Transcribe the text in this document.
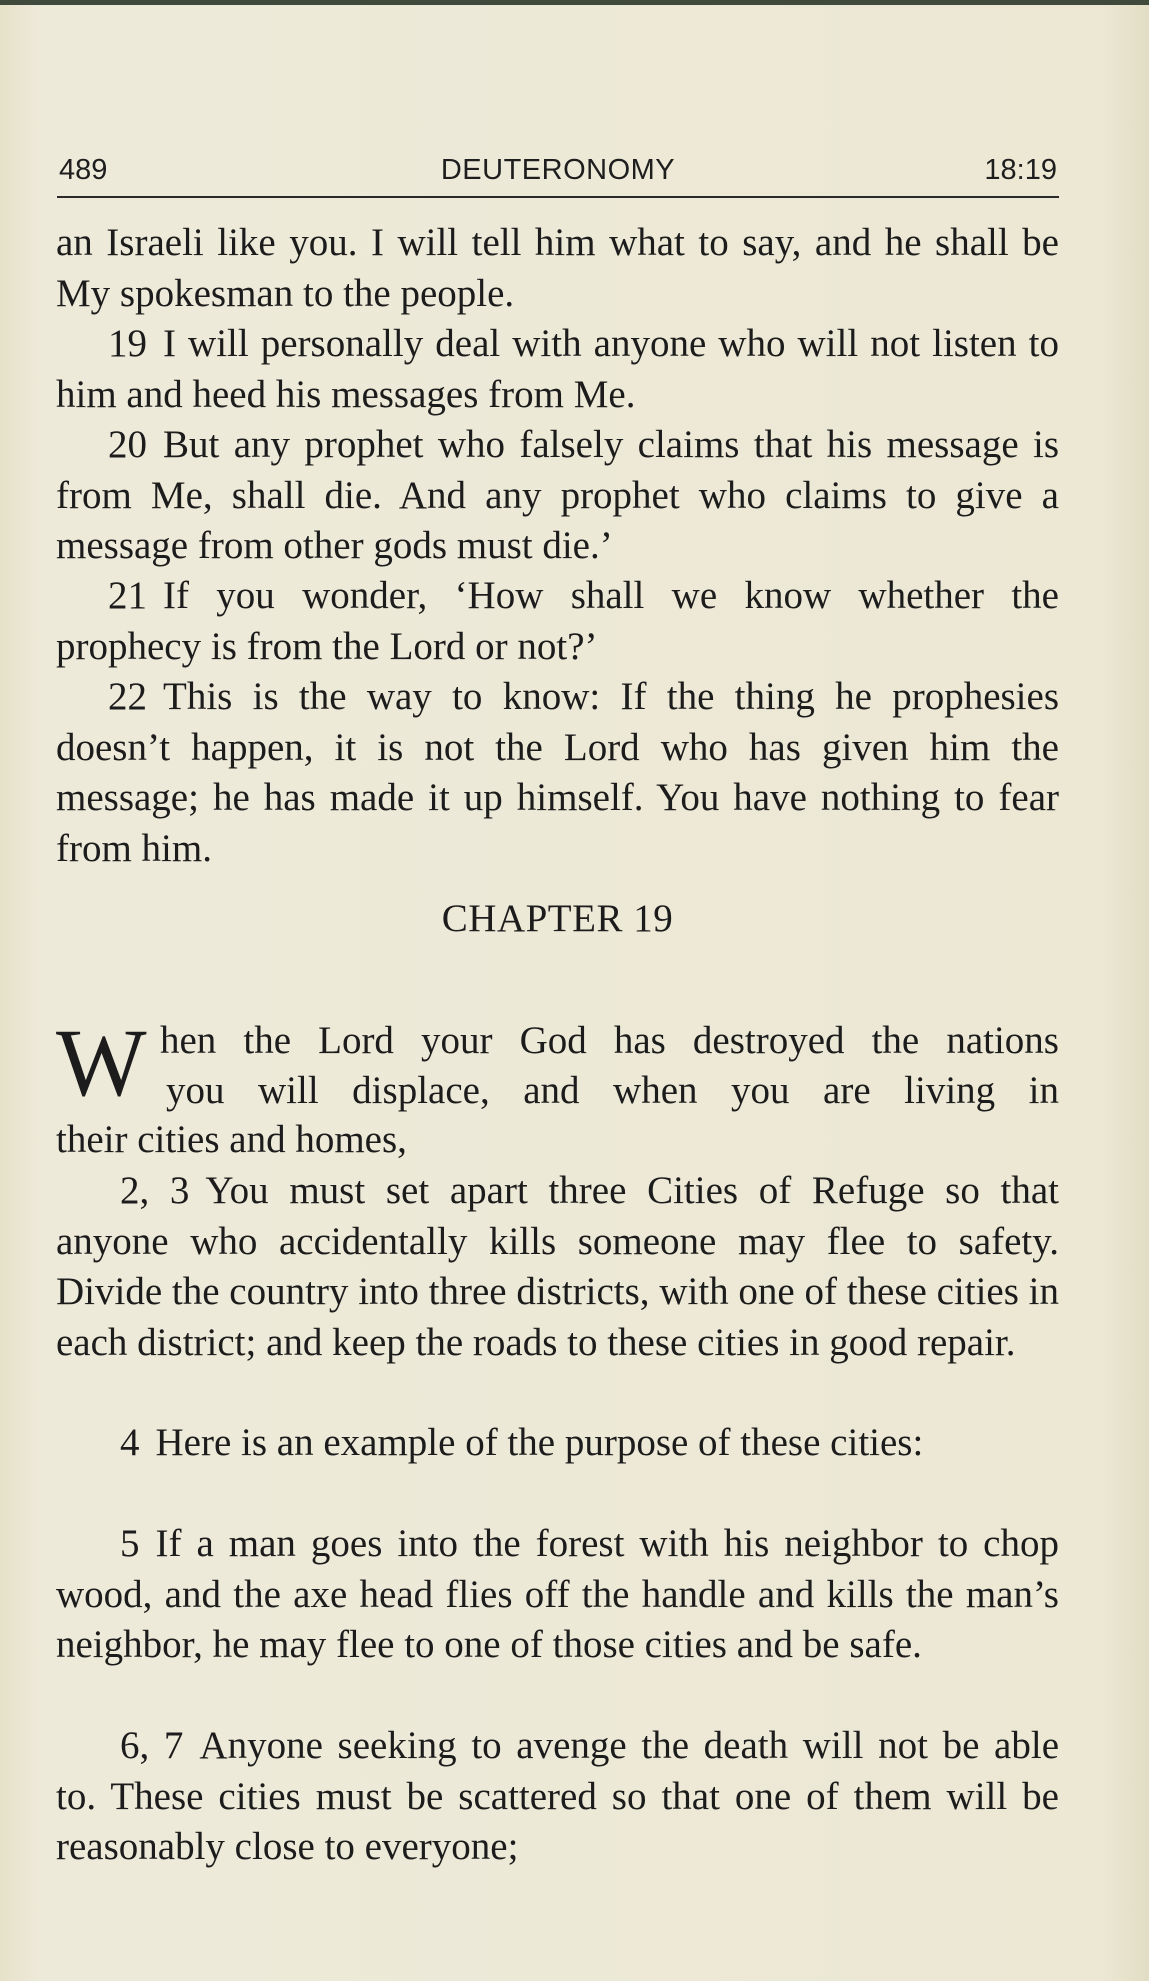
489	DEUTERONOMY	18:19

an Israeli like you. I will tell him what to say, and he shall be My spokesman to the people.

19 I will personally deal with anyone who will not listen to him and heed his messages from Me.

20 But any prophet who falsely claims that his message is from Me, shall die. And any prophet who claims to give a message from other gods must die.’

21 If you wonder, ‘How shall we know whether the prophecy is from the Lord or not?’

22 This is the way to know: If the thing he prophesies doesn’t happen, it is not the Lord who has given him the message; he has made it up himself. You have nothing to fear from him.

CHAPTER 19
W hen the Lord your God has destroyed the nations
you will displace, and when you are living in

their cities and homes,

2, 3 You must set apart three Cities of Refuge so that anyone who accidentally kills someone may flee to safety. Divide the country into three districts, with one of these cities in each district; and keep the roads to these cities in good repair.

4 Here is an example of the purpose of these cities:

5 If a man goes into the forest with his neighbor to chop wood, and the axe head flies off the handle and kills the man’s neighbor, he may flee to one of those cities and be safe.

6, 7 Anyone seeking to avenge the death will not be able to. These cities must be scattered so that one of them will be reasonably close to everyone;
